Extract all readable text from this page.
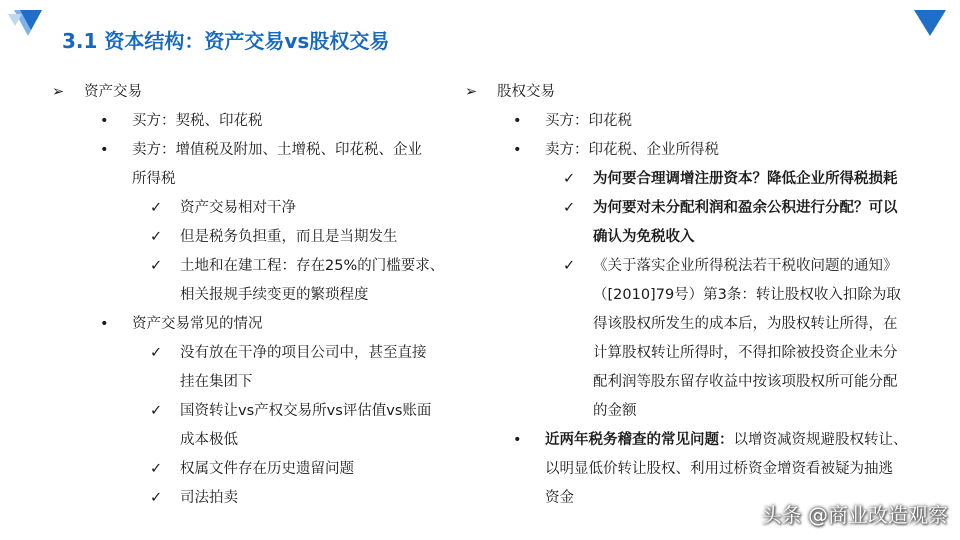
3.1 资本结构：资产交易vs股权交易
➢ 资产交易
• 买方：契税、印花税
• 卖方：增值税及附加、土增税、印花税、企业
所得税
✓ 资产交易相对干净
✓ 但是税务负担重，而且是当期发生
✓ 土地和在建工程：存在25%的门槛要求、
相关报规手续变更的繁琐程度
• 资产交易常见的情况
✓ 没有放在干净的项目公司中，甚至直接
挂在集团下
✓ 国资转让vs产权交易所vs评估值vs账面
成本极低
✓ 权属文件存在历史遗留问题
✓ 司法拍卖
➢ 股权交易
• 买方：印花税
• 卖方：印花税、企业所得税
✓ 为何要合理调增注册资本？降低企业所得税损耗
✓ 为何要对未分配利润和盈余公积进行分配？可以
确认为免税收入
✓ 《关于落实企业所得税法若干税收问题的通知》
（[2010]79号）第3条：转让股权收入扣除为取
得该股权所发生的成本后，为股权转让所得，在
计算股权转让所得时，不得扣除被投资企业未分
配利润等股东留存收益中按该项股权所可能分配
的金额
• 近两年税务稽查的常见问题：以增资减资规避股权转让、
以明显低价转让股权、利用过桥资金增资看被疑为抽逃
资金
头条 @商业改造观察
